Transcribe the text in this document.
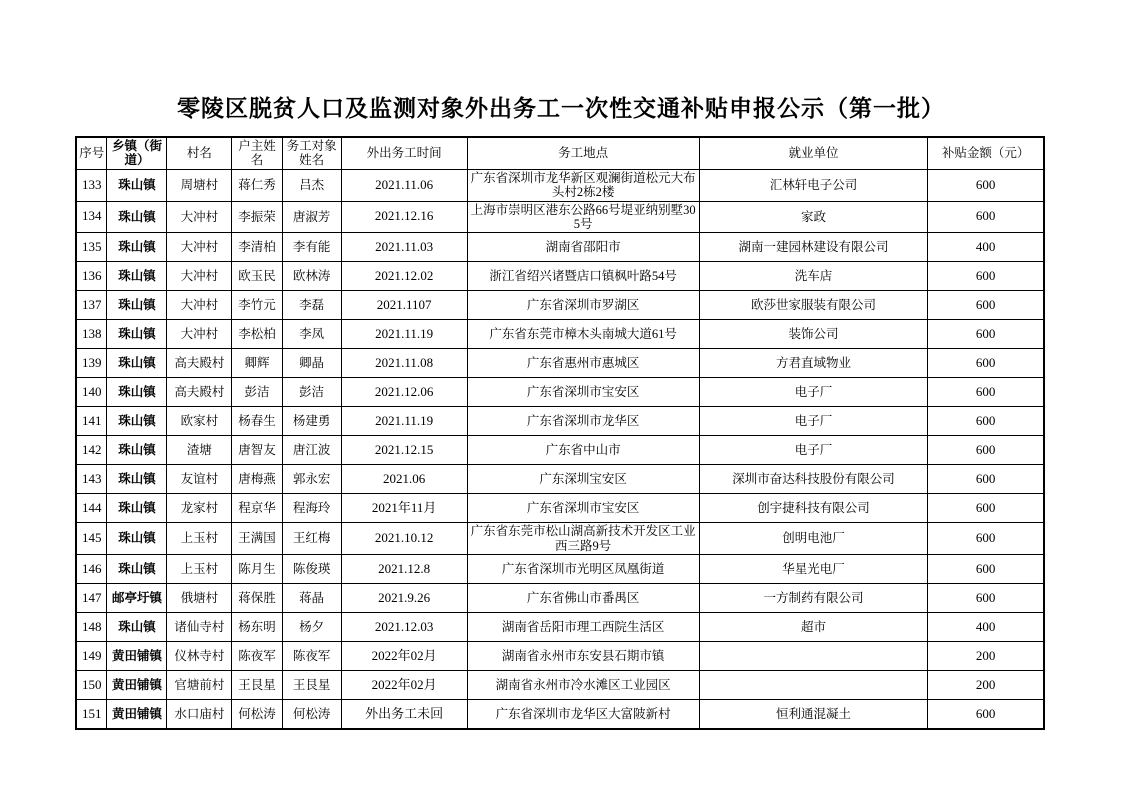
零陵区脱贫人口及监测对象外出务工一次性交通补贴申报公示（第一批）
序号	乡镇（街道）	村名	户主姓名	务工对象姓名	外出务工时间	务工地点	就业单位	补贴金额（元）
133	珠山镇	周塘村	蒋仁秀	吕杰	2021.11.06	广东省深圳市龙华新区观澜街道松元大布头村2栋2楼	汇林轩电子公司	600
134	珠山镇	大冲村	李振荣	唐淑芳	2021.12.16	上海市崇明区港东公路66号堤亚纳别墅305号	家政	600
135	珠山镇	大冲村	李清柏	李有能	2021.11.03	湖南省邵阳市	湖南一建园林建设有限公司	400
136	珠山镇	大冲村	欧玉民	欧林涛	2021.12.02	浙江省绍兴诸暨店口镇枫叶路54号	洗车店	600
137	珠山镇	大冲村	李竹元	李磊	2021.1107	广东省深圳市罗湖区	欧莎世家服装有限公司	600
138	珠山镇	大冲村	李松柏	李凤	2021.11.19	广东省东莞市樟木头南城大道61号	装饰公司	600
139	珠山镇	高夫殿村	卿辉	卿晶	2021.11.08	广东省惠州市惠城区	方君直域物业	600
140	珠山镇	高夫殿村	彭洁	彭洁	2021.12.06	广东省深圳市宝安区	电子厂	600
141	珠山镇	欧家村	杨春生	杨建勇	2021.11.19	广东省深圳市龙华区	电子厂	600
142	珠山镇	渣塘	唐智友	唐江波	2021.12.15	广东省中山市	电子厂	600
143	珠山镇	友谊村	唐梅燕	郭永宏	2021.06	广东深圳宝安区	深圳市奋达科技股份有限公司	600
144	珠山镇	龙家村	程京华	程海玲	2021年11月	广东省深圳市宝安区	创宇捷科技有限公司	600
145	珠山镇	上玉村	王满国	王红梅	2021.10.12	广东省东莞市松山湖高新技术开发区工业西三路9号	创明电池厂	600
146	珠山镇	上玉村	陈月生	陈俊瑛	2021.12.8	广东省深圳市光明区凤凰街道	华星光电厂	600
147	邮亭圩镇	俄塘村	蒋保胜	蒋晶	2021.9.26	广东省佛山市番禺区	一方制药有限公司	600
148	珠山镇	诸仙寺村	杨东明	杨夕	2021.12.03	湖南省岳阳市理工西院生活区	超市	400
149	黄田铺镇	仪林寺村	陈夜军	陈夜军	2022年02月	湖南省永州市东安县石期市镇		200
150	黄田铺镇	官塘前村	王艮星	王艮星	2022年02月	湖南省永州市冷水滩区工业园区		200
151	黄田铺镇	水口庙村	何松涛	何松涛	外出务工未回	广东省深圳市龙华区大富陂新村	恒利通混凝土	600
